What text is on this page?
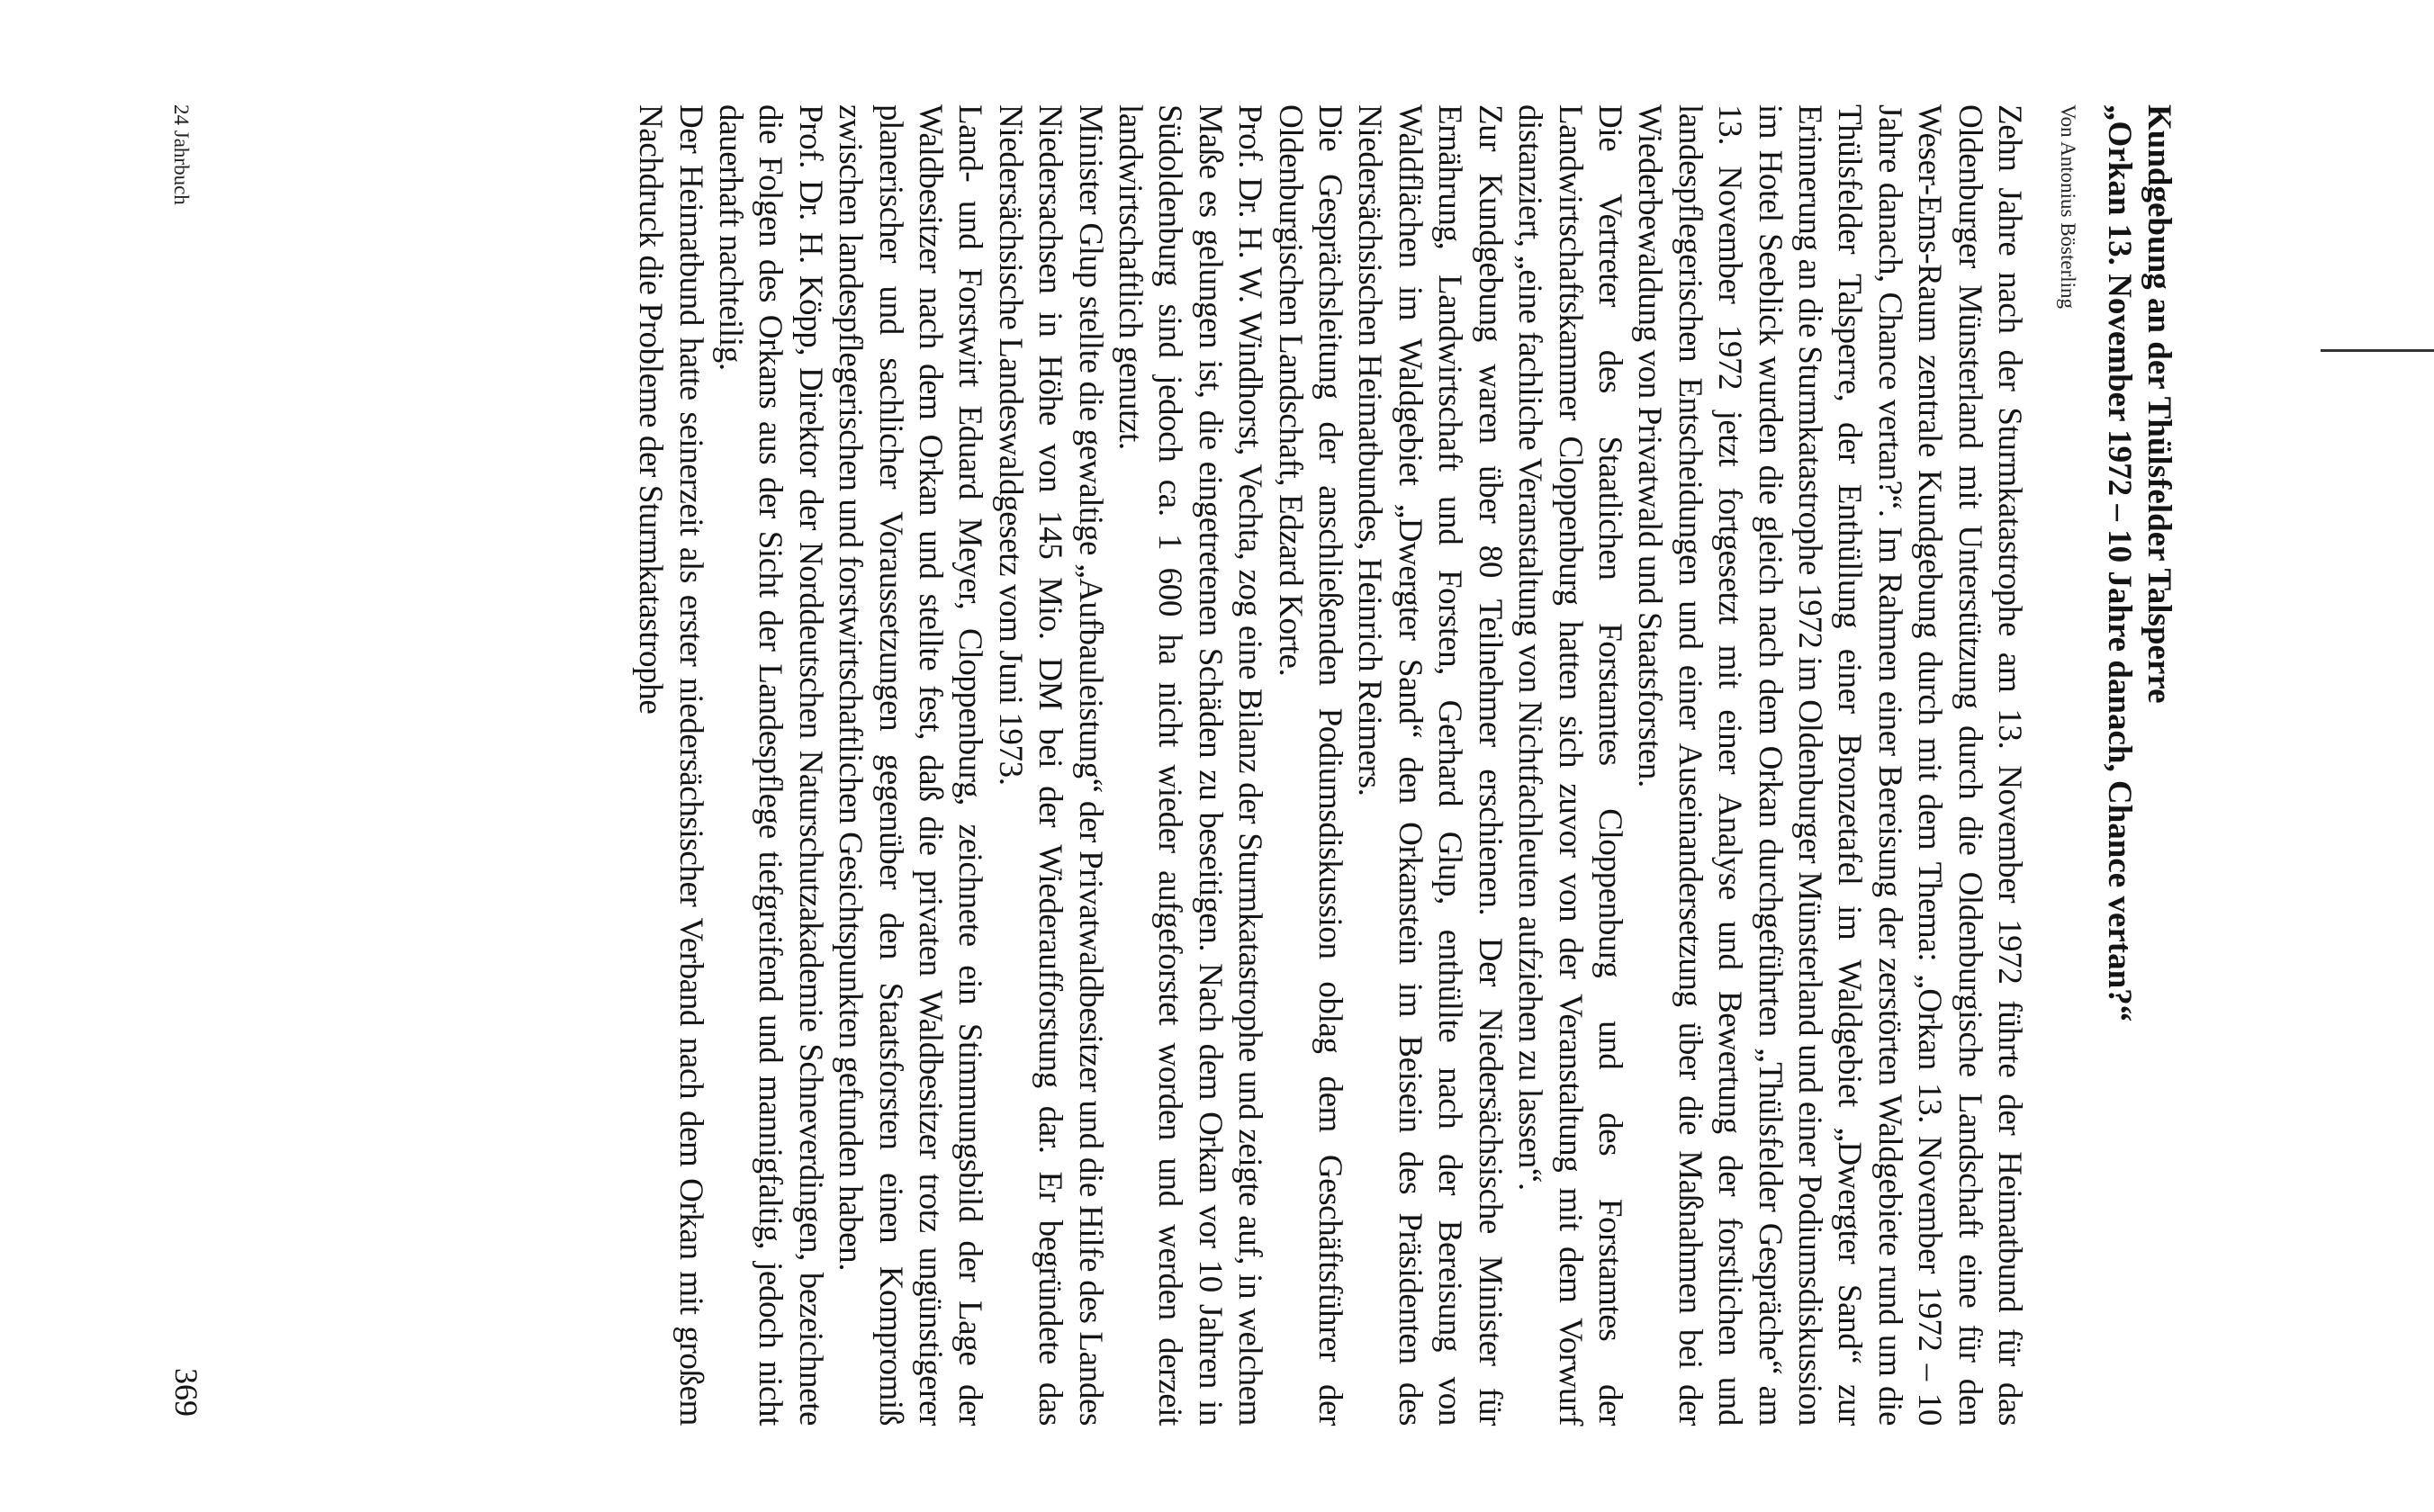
Kundgebung an der Thülsfelder Talsperre
„Orkan 13. November 1972 – 10 Jahre danach, Chance vertan?“
Von Antonius Bösterling

Zehn Jahre nach der Sturmkatastrophe am 13. November 1972 führte der Heimatbund für das Oldenburger Münsterland mit Unterstützung durch die Oldenburgische Landschaft eine für den Weser-Ems-Raum zentrale Kundgebung durch mit dem Thema: „Orkan 13. November 1972 – 10 Jahre danach, Chance vertan?“. Im Rahmen einer Bereisung der zerstörten Waldgebiete rund um die Thülsfelder Talsperre, der Enthüllung einer Bronzetafel im Waldgebiet „Dwergter Sand“ zur Erinnerung an die Sturmkatastrophe 1972 im Oldenburger Münsterland und einer Podiumsdiskussion im Hotel Seeblick wurden die gleich nach dem Orkan durchgeführten „Thülsfelder Gespräche“ am 13. November 1972 jetzt fortgesetzt mit einer Analyse und Bewertung der forstlichen und landespflegerischen Entscheidungen und einer Auseinandersetzung über die Maßnahmen bei der Wiederbewaldung von Privatwald und Staatsforsten.

Die Vertreter des Staatlichen Forstamtes Cloppenburg und des Forstamtes der Landwirtschaftskammer Cloppenburg hatten sich zuvor von der Veranstaltung mit dem Vorwurf distanziert, „eine fachliche Veranstaltung von Nichtfachleuten aufziehen zu lassen“.

Zur Kundgebung waren über 80 Teilnehmer erschienen. Der Niedersächsische Minister für Ernährung, Landwirtschaft und Forsten, Gerhard Glup, enthüllte nach der Bereisung von Waldflächen im Waldgebiet „Dwergter Sand“ den Orkanstein im Beisein des Präsidenten des Niedersächsischen Heimatbundes, Heinrich Reimers.

Die Gesprächsleitung der anschließenden Podiumsdiskussion oblag dem Geschäftsführer der Oldenburgischen Landschaft, Edzard Korte.

Prof. Dr. H. W. Windhorst, Vechta, zog eine Bilanz der Sturmkatastrophe und zeigte auf, in welchem Maße es gelungen ist, die eingetretenen Schäden zu beseitigen. Nach dem Orkan vor 10 Jahren in Südoldenburg sind jedoch ca. 1 600 ha nicht wieder aufgeforstet worden und werden derzeit landwirtschaftlich genutzt.

Minister Glup stellte die gewaltige „Aufbauleistung“ der Privatwaldbesitzer und die Hilfe des Landes Niedersachsen in Höhe von 145 Mio. DM bei der Wiederaufforstung dar. Er begründete das Niedersächsische Landeswaldgesetz vom Juni 1973.

Land- und Forstwirt Eduard Meyer, Cloppenburg, zeichnete ein Stimmungsbild der Lage der Waldbesitzer nach dem Orkan und stellte fest, daß die privaten Waldbesitzer trotz ungünstigerer planerischer und sachlicher Voraussetzungen gegenüber den Staatsforsten einen Kompromiß zwischen landespflegerischen und forstwirtschaftlichen Gesichtspunkten gefunden haben.

Prof. Dr. H. Köpp, Direktor der Norddeutschen Naturschutzakademie Schneverdingen, bezeichnete die Folgen des Orkans aus der Sicht der Landespflege tiefgreifend und mannigfaltig, jedoch nicht dauerhaft nachteilig.

Der Heimatbund hatte seinerzeit als erster niedersächsischer Verband nach dem Orkan mit großem Nachdruck die Probleme der Sturmkatastrophe

24 Jahrbuch
369
